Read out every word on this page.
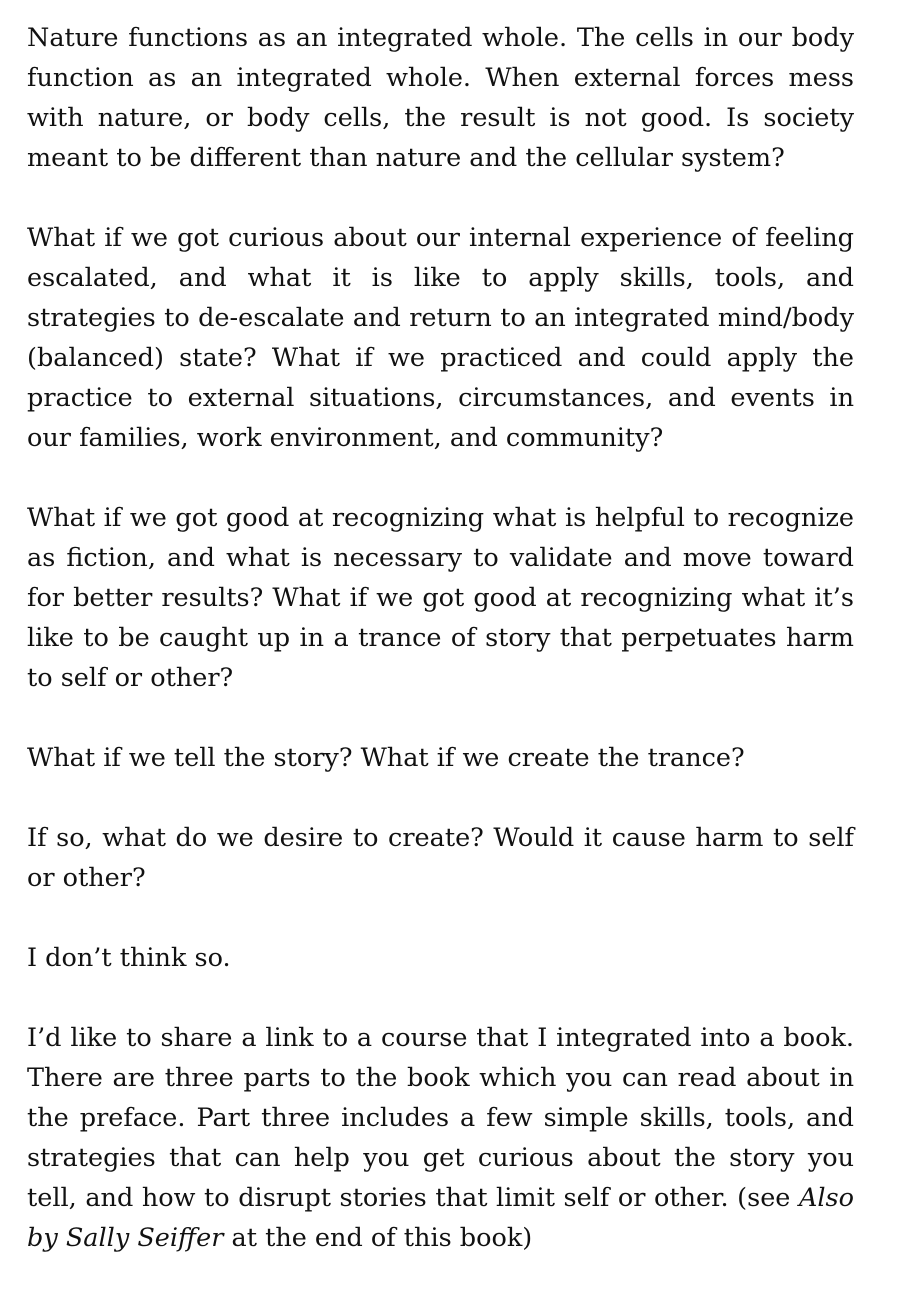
Nature functions as an integrated whole. The cells in our body function as an integrated whole. When external forces mess with nature, or body cells, the result is not good. Is society meant to be different than nature and the cellular system?

What if we got curious about our internal experience of feeling escalated, and what it is like to apply skills, tools, and strategies to de-escalate and return to an integrated mind/body (balanced) state? What if we practiced and could apply the practice to external situations, circumstances, and events in our families, work environment, and community?

What if we got good at recognizing what is helpful to recognize as fiction, and what is necessary to validate and move toward for better results? What if we got good at recognizing what it’s like to be caught up in a trance of story that perpetuates harm to self or other?

What if we tell the story? What if we create the trance?

If so, what do we desire to create? Would it cause harm to self or other?

I don’t think so.

I’d like to share a link to a course that I integrated into a book. There are three parts to the book which you can read about in the preface. Part three includes a few simple skills, tools, and strategies that can help you get curious about the story you tell, and how to disrupt stories that limit self or other. (see Also by Sally Seiffer at the end of this book)
